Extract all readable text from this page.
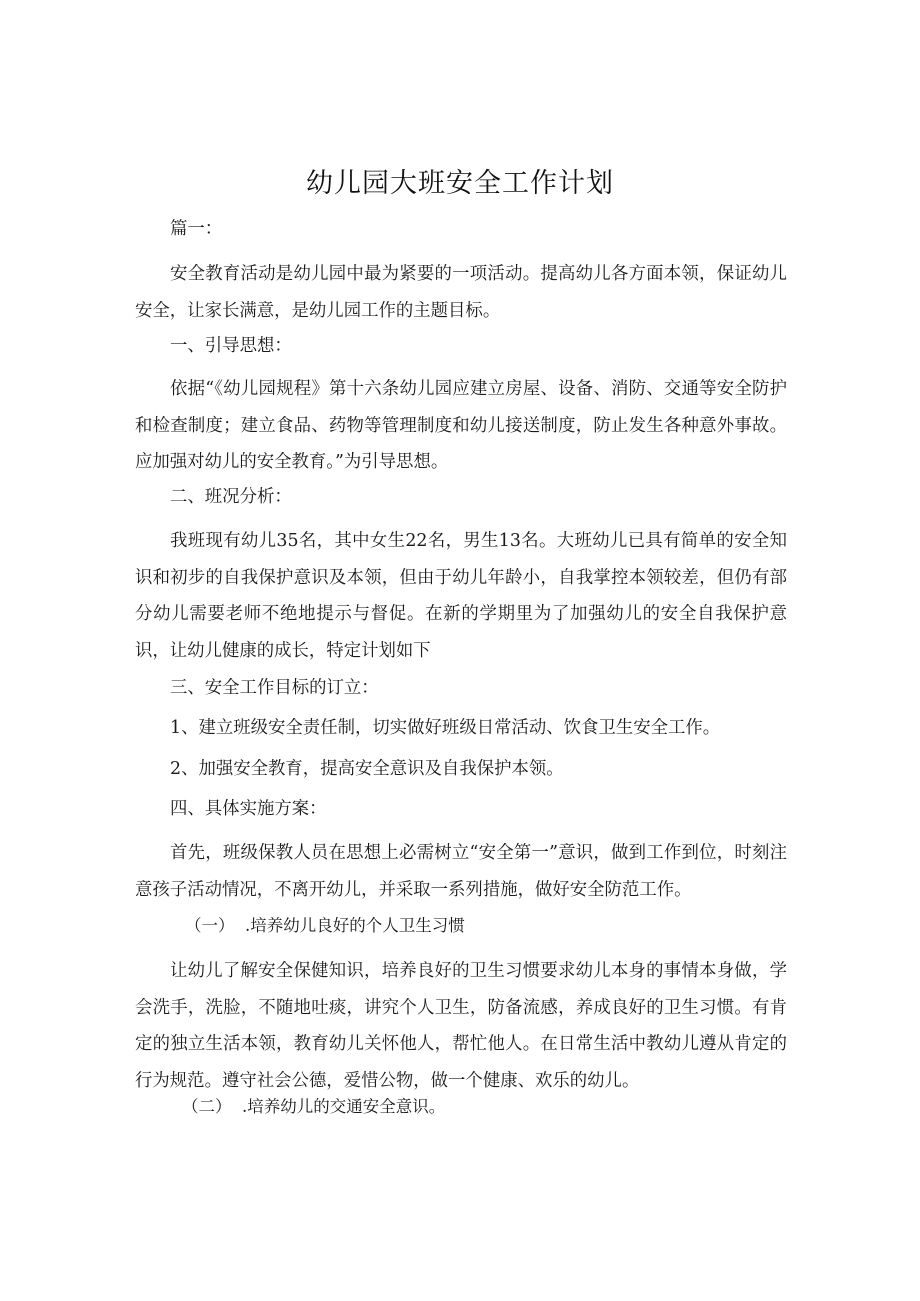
幼儿园大班安全工作计划

篇一：

安全教育活动是幼儿园中最为紧要的一项活动。提高幼儿各方面本领，保证幼儿安全，让家长满意，是幼儿园工作的主题目标。

一、引导思想：

依据“《幼儿园规程》第十六条幼儿园应建立房屋、设备、消防、交通等安全防护和检查制度；建立食品、药物等管理制度和幼儿接送制度，防止发生各种意外事故。应加强对幼儿的安全教育。”为引导思想。

二、班况分析：

我班现有幼儿35名，其中女生22名，男生13名。大班幼儿已具有简单的安全知识和初步的自我保护意识及本领，但由于幼儿年龄小，自我掌控本领较差，但仍有部分幼儿需要老师不绝地提示与督促。在新的学期里为了加强幼儿的安全自我保护意识，让幼儿健康的成长，特定计划如下

三、安全工作目标的订立：

1、建立班级安全责任制，切实做好班级日常活动、饮食卫生安全工作。

2、加强安全教育，提高安全意识及自我保护本领。

四、具体实施方案：

首先，班级保教人员在思想上必需树立“安全第一”意识，做到工作到位，时刻注意孩子活动情况，不离开幼儿，并采取一系列措施，做好安全防范工作。

（一） .培养幼儿良好的个人卫生习惯

让幼儿了解安全保健知识，培养良好的卫生习惯要求幼儿本身的事情本身做，学会洗手，洗脸，不随地吐痰，讲究个人卫生，防备流感，养成良好的卫生习惯。有肯定的独立生活本领，教育幼儿关怀他人，帮忙他人。在日常生活中教幼儿遵从肯定的行为规范。遵守社会公德，爱惜公物，做一个健康、欢乐的幼儿。

（二） .培养幼儿的交通安全意识。
